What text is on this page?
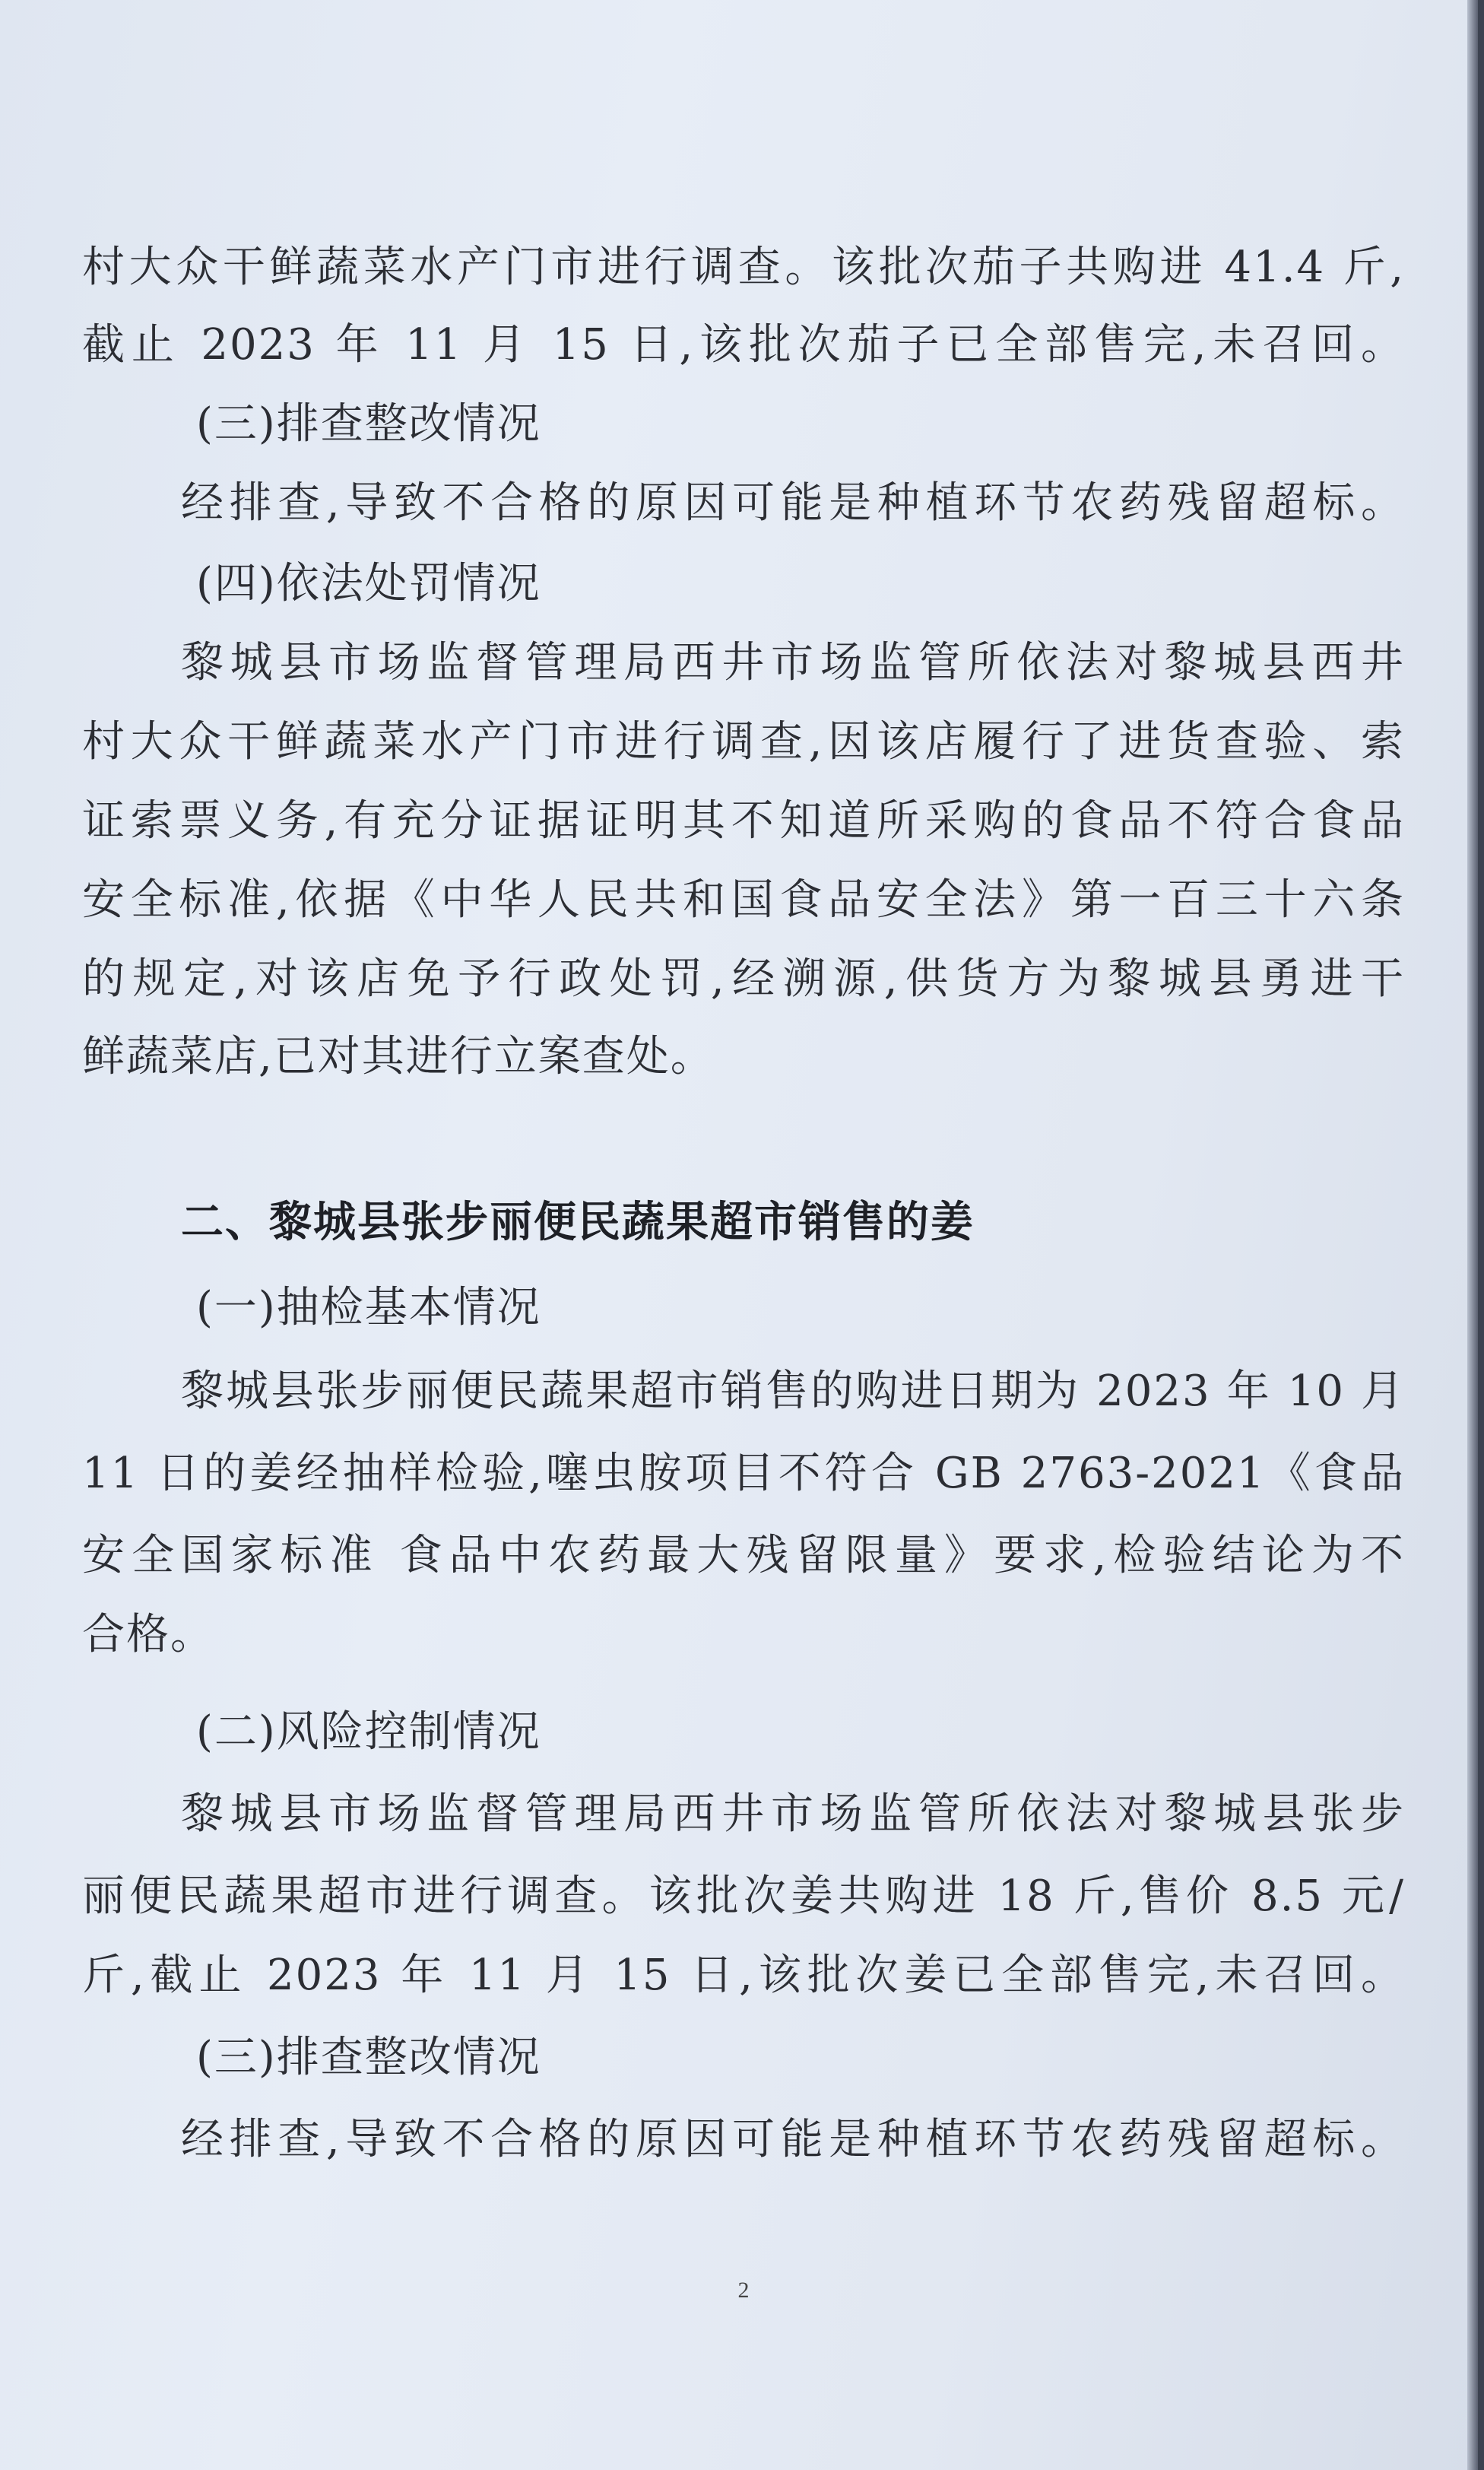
村大众干鲜蔬菜水产门市进行调查。该批次茄子共购进 41.4 斤,
截止 2023 年 11 月 15 日,该批次茄子已全部售完,未召回。
(三)排查整改情况
经排查,导致不合格的原因可能是种植环节农药残留超标。
(四)依法处罚情况
黎城县市场监督管理局西井市场监管所依法对黎城县西井
村大众干鲜蔬菜水产门市进行调查,因该店履行了进货查验、索
证索票义务,有充分证据证明其不知道所采购的食品不符合食品
安全标准,依据《中华人民共和国食品安全法》第一百三十六条
的规定,对该店免予行政处罚,经溯源,供货方为黎城县勇进干
鲜蔬菜店,已对其进行立案查处。
二、黎城县张步丽便民蔬果超市销售的姜
(一)抽检基本情况
黎城县张步丽便民蔬果超市销售的购进日期为 2023 年 10 月
11 日的姜经抽样检验,噻虫胺项目不符合 GB 2763-2021《食品
安全国家标准 食品中农药最大残留限量》要求,检验结论为不
合格。
(二)风险控制情况
黎城县市场监督管理局西井市场监管所依法对黎城县张步
丽便民蔬果超市进行调查。该批次姜共购进 18 斤,售价 8.5 元/
斤,截止 2023 年 11 月 15 日,该批次姜已全部售完,未召回。
(三)排查整改情况
经排查,导致不合格的原因可能是种植环节农药残留超标。
2
